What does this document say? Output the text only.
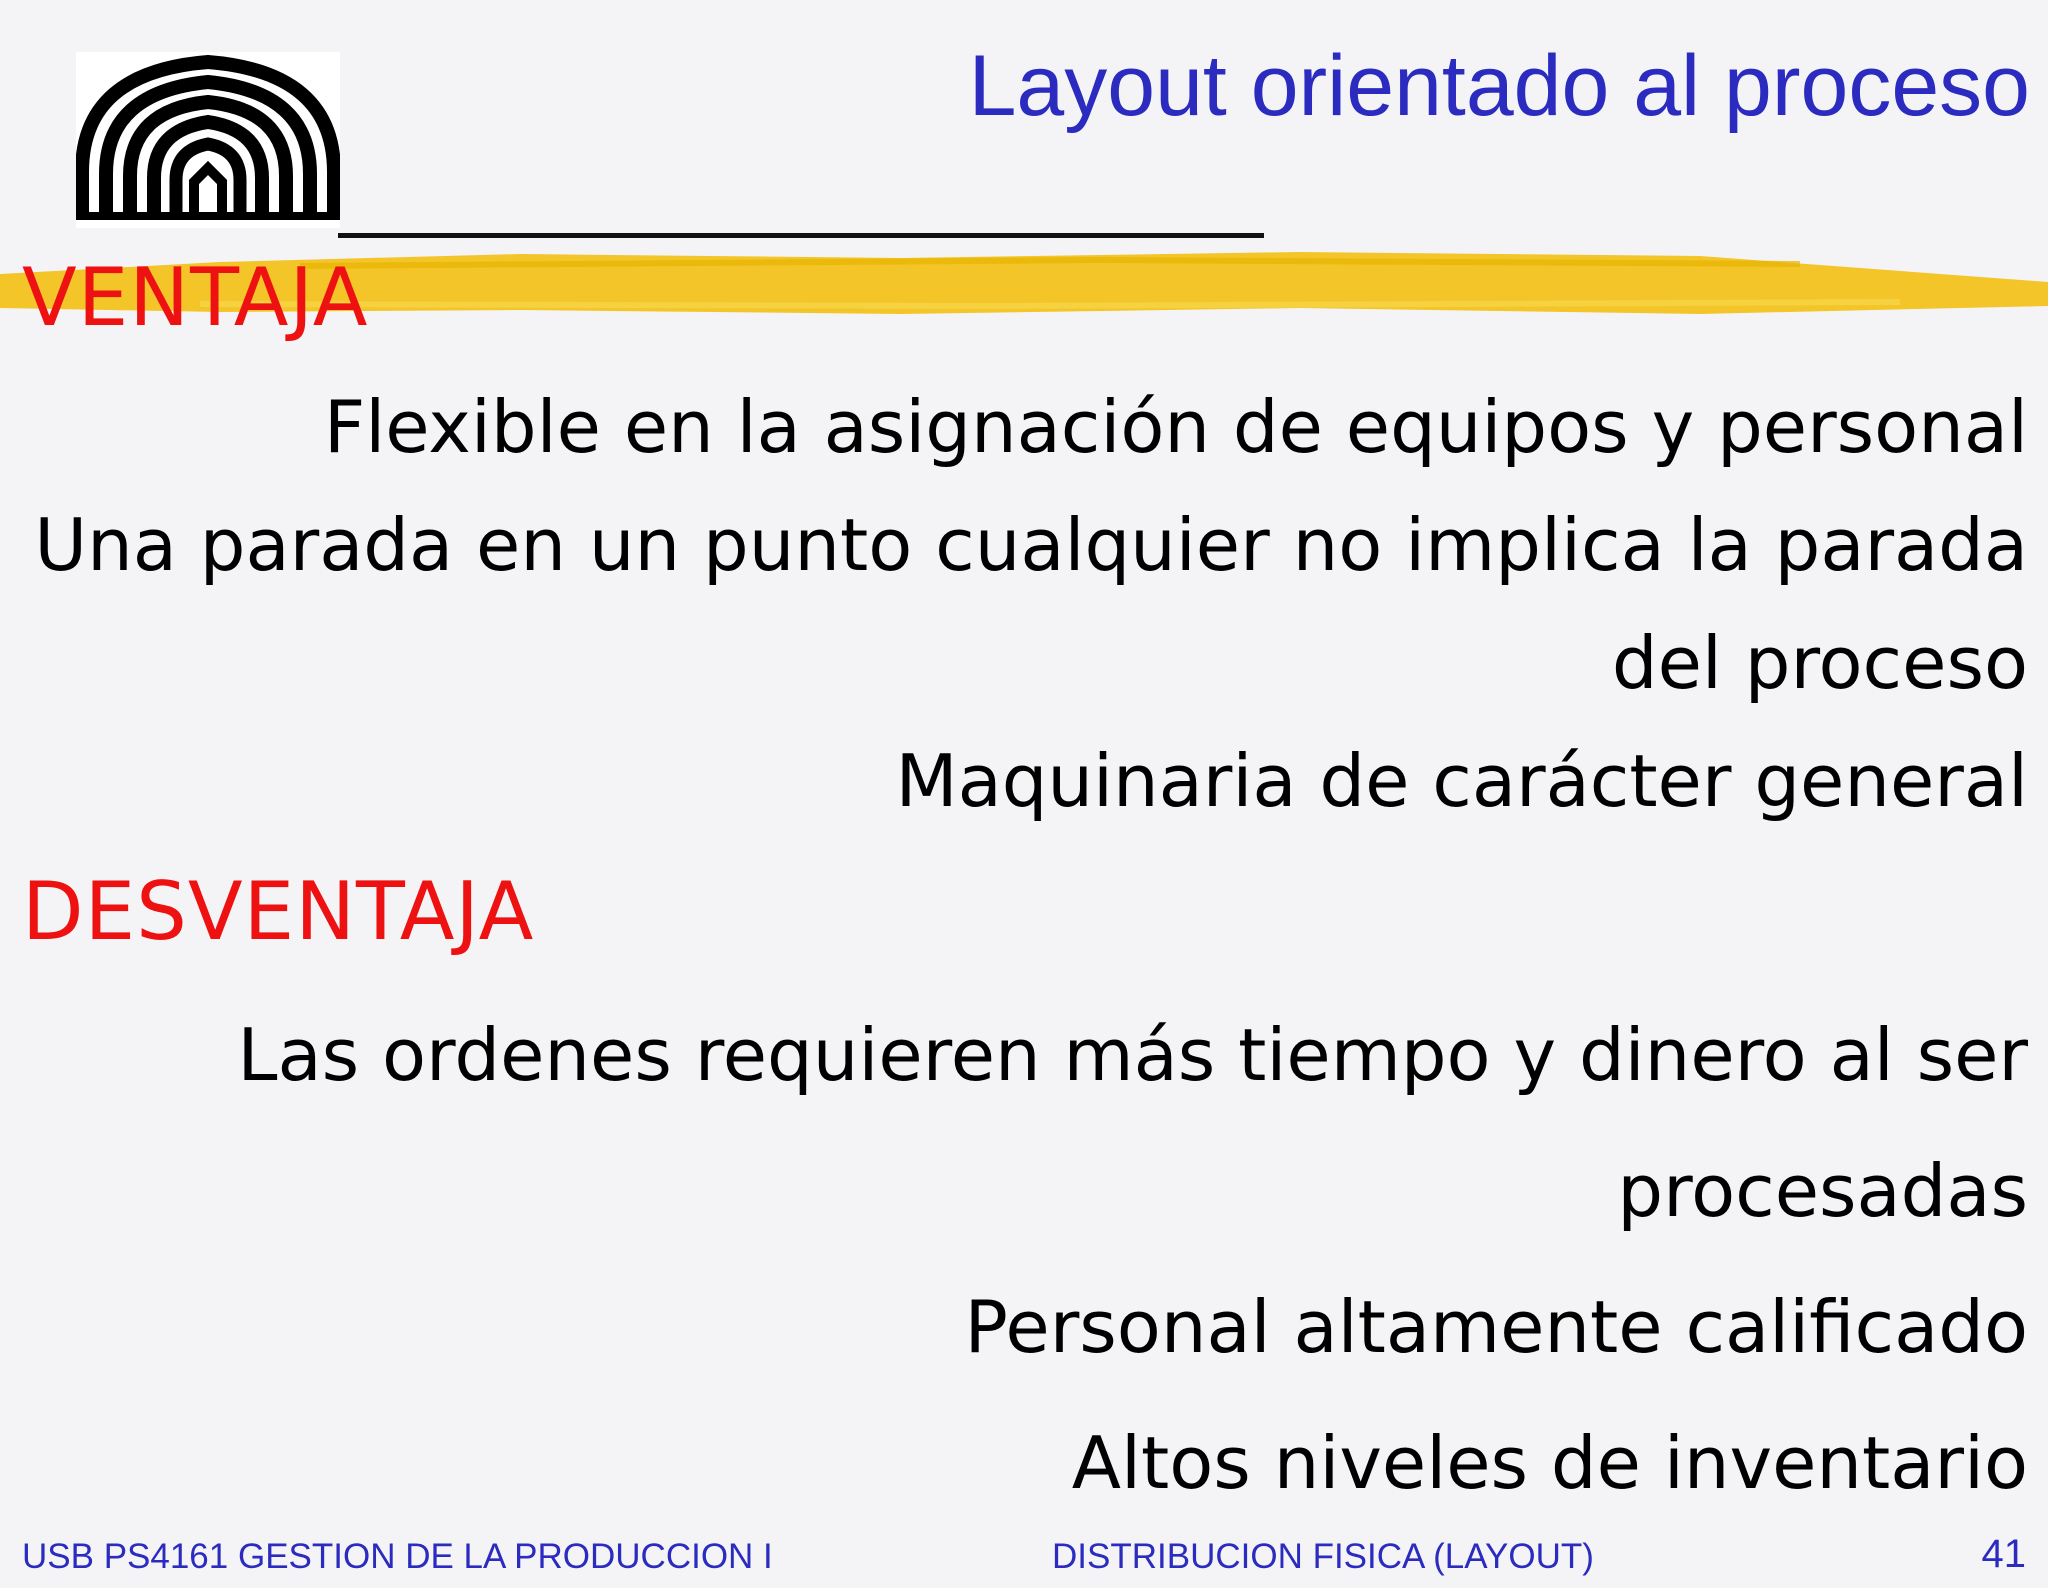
Layout orientado al proceso
VENTAJA
Flexible en la asignación de equipos y personal
Una parada en un punto cualquier no implica la parada
del proceso
Maquinaria de carácter general
DESVENTAJA
Las ordenes requieren más tiempo y dinero al ser
procesadas
Personal altamente calificado
Altos niveles de inventario
USB PS4161 GESTION DE LA PRODUCCION I	DISTRIBUCION FISICA (LAYOUT)	41
